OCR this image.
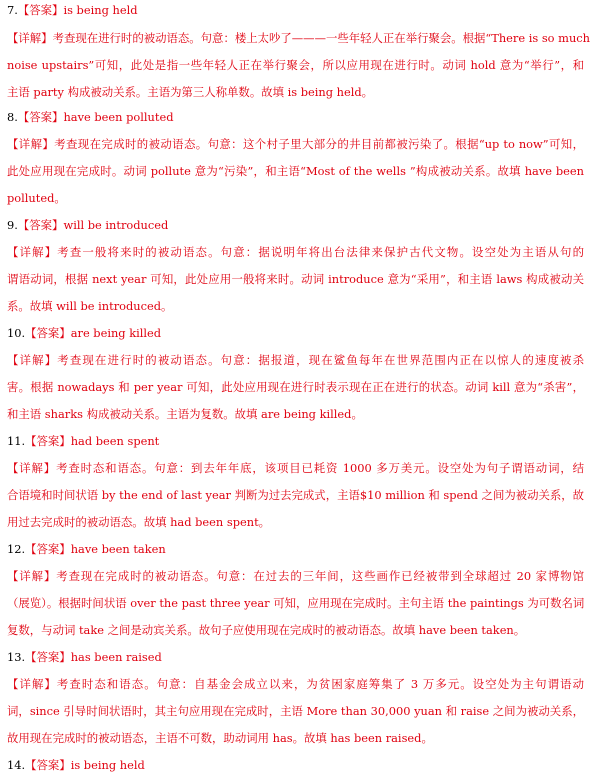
7.【答案】is being held
【详解】考查现在进行时的被动语态。句意：楼上太吵了———一些年轻人正在举行聚会。根据“There is so much
noise upstairs”可知，此处是指一些年轻人正在举行聚会，所以应用现在进行时。动词 hold 意为“举行”，和
主语 party 构成被动关系。主语为第三人称单数。故填 is being held。
8.【答案】have been polluted
【详解】考查现在完成时的被动语态。句意：这个村子里大部分的井目前都被污染了。根据“up to now”可知，
此处应用现在完成时。动词 pollute 意为“污染”，和主语“Most of the wells ”构成被动关系。故填 have been
polluted。
9.【答案】will be introduced
【详解】考查一般将来时的被动语态。句意：据说明年将出台法律来保护古代文物。设空处为主语从句的
谓语动词，根据 next year 可知，此处应用一般将来时。动词 introduce 意为“采用”，和主语 laws 构成被动关
系。故填 will be introduced。
10.【答案】are being killed
【详解】考查现在进行时的被动语态。句意：据报道，现在鲨鱼每年在世界范围内正在以惊人的速度被杀
害。根据 nowadays 和 per year 可知，此处应用现在进行时表示现在正在进行的状态。动词 kill 意为“杀害”，
和主语 sharks 构成被动关系。主语为复数。故填 are being killed。
11.【答案】had been spent
【详解】考查时态和语态。句意：到去年年底，该项目已耗资 1000 多万美元。设空处为句子谓语动词，结
合语境和时间状语 by the end of last year 判断为过去完成式，主语$10 million 和 spend 之间为被动关系，故
用过去完成时的被动语态。故填 had been spent。
12.【答案】have been taken
【详解】考查现在完成时的被动语态。句意：在过去的三年间，这些画作已经被带到全球超过 20 家博物馆
（展览）。根据时间状语 over the past three year 可知，应用现在完成时。主句主语 the paintings 为可数名词
复数，与动词 take 之间是动宾关系。故句子应使用现在完成时的被动语态。故填 have been taken。
13.【答案】has been raised
【详解】考查时态和语态。句意：自基金会成立以来，为贫困家庭筹集了 3 万多元。设空处为主句谓语动
词，since 引导时间状语时，其主句应用现在完成时，主语 More than 30,000 yuan 和 raise 之间为被动关系，
故用现在完成时的被动语态，主语不可数，助动词用 has。故填 has been raised。
14.【答案】is being held
